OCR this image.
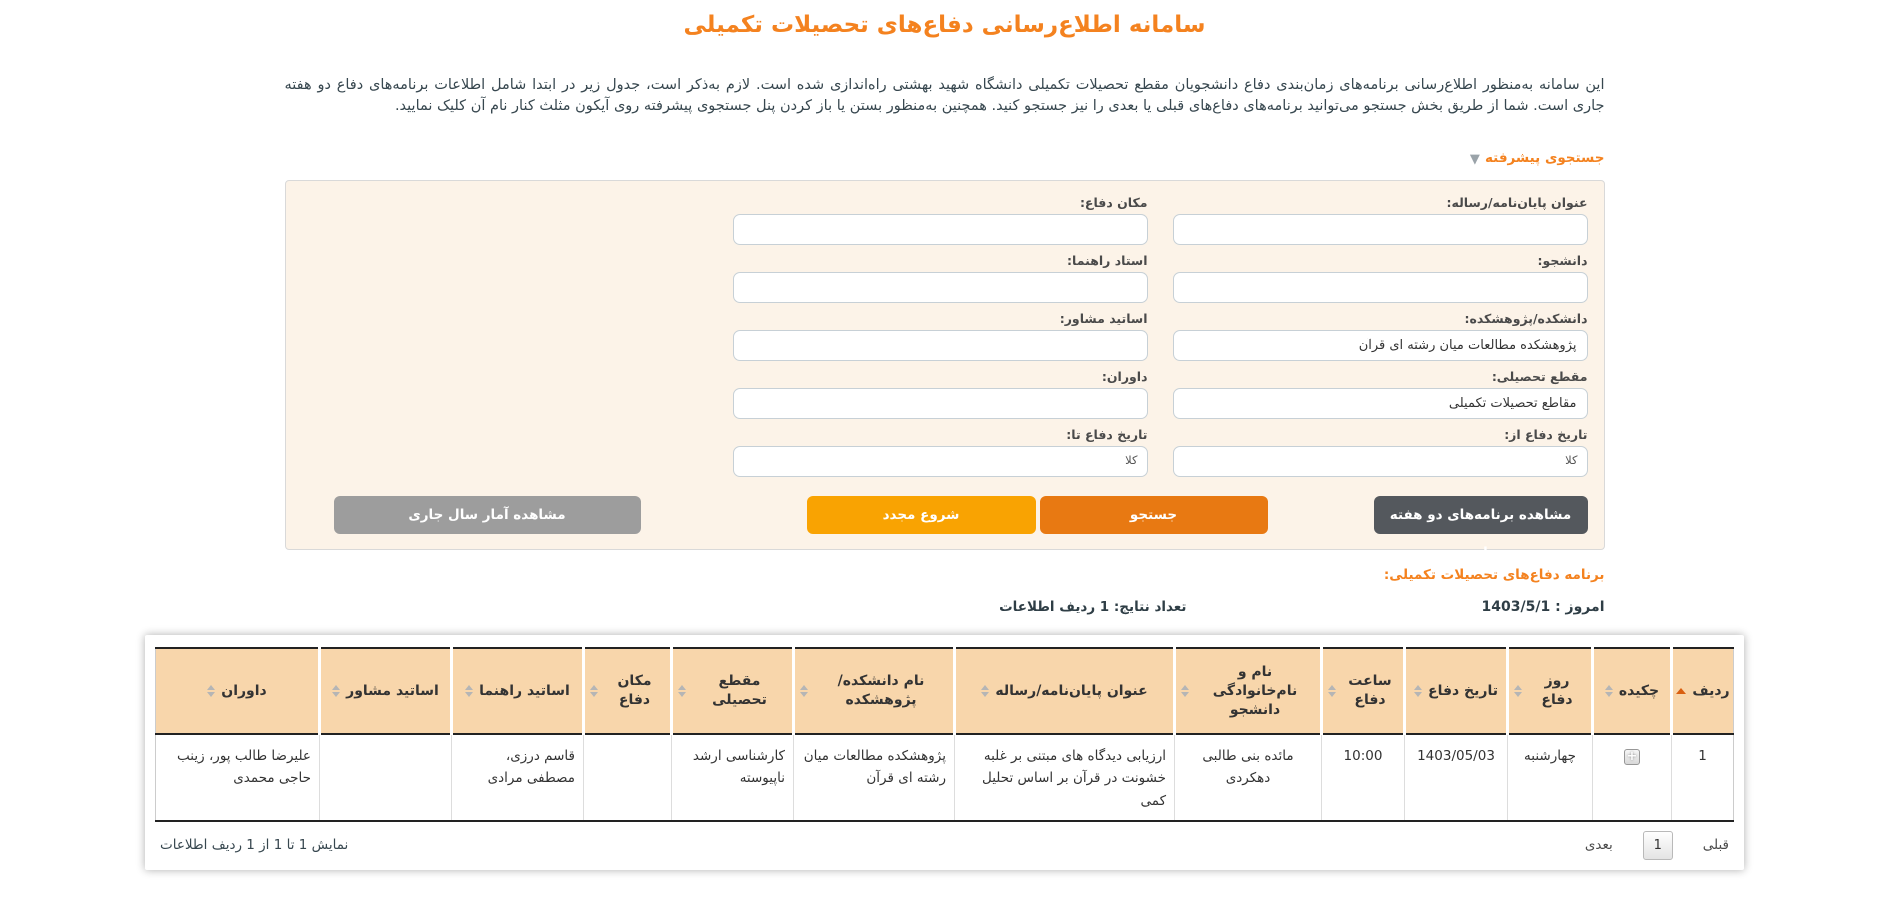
سامانه اطلاع‌رسانی دفاع‌های تحصیلات تکمیلی

این سامانه به‌منظور اطلاع‌رسانی برنامه‌های زمان‌بندی دفاع دانشجویان مقطع تحصیلات تکمیلی دانشگاه شهید بهشتی راه‌اندازی شده است. لازم به‌ذکر است، جدول زیر در ابتدا شامل اطلاعات برنامه‌های دفاع دو هفته جاری است. شما از طریق بخش جستجو می‌توانید برنامه‌های دفاع‌های قبلی یا بعدی را نیز جستجو کنید. همچنین به‌منظور بستن یا باز کردن پنل جستجوی پیشرفته روی آیکون مثلث کنار نام آن کلیک نمایید.

جستجوی پیشرفته ▼
عنوان پایان‌نامه/رساله:
دانشجو:
دانشکده/پژوهشکده:
پژوهشکده مطالعات میان رشته ای قرآن
مقطع تحصیلی:
مقاطع تحصیلات تکمیلی
تاریخ دفاع از:
کلا
مکان دفاع:
استاد راهنما:
اساتید مشاور:
داوران:
تاریخ دفاع تا:
کلا
مشاهده برنامه‌های دو هفته جاری
جستجو
شروع مجدد
مشاهده آمار سال جاری
برنامه دفاع‌های تحصیلات تکمیلی:
امروز : 1403/5/1
تعداد نتایج: 1 ردیف اطلاعات
ردیف	چکیده	روز دفاع	تاریخ دفاع	ساعت دفاع	نام و نام‌خانوادگی دانشجو	عنوان پایان‌نامه/رساله	نام دانشکده/ پژوهشکده	مقطع تحصیلی	مکان دفاع	اساتید راهنما	اساتید مشاور	داوران

1	+	چهارشنبه	1403/05/03	10:00	مائده بنی طالبی دهکردی	ارزیابی دیدگاه های مبتنی بر غلبه خشونت در قرآن بر اساس تحلیل کمی	پژوهشکده مطالعات میان رشته ای قرآن	کارشناسی ارشد ناپیوسته		قاسم درزی، مصطفی مرادی		علیرضا طالب پور، زینب حاجی محمدی
قبلی
1
بعدی
نمایش 1 تا 1 از 1 ردیف اطلاعات
